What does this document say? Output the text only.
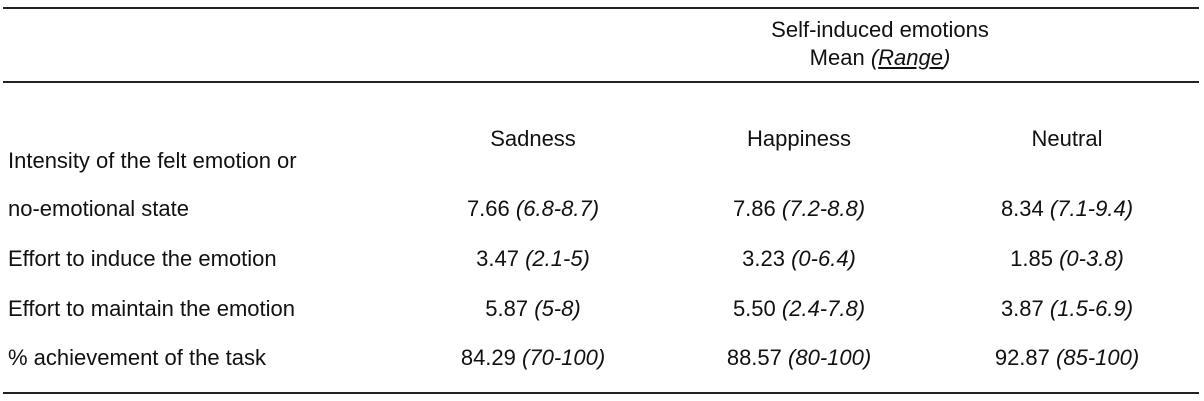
Self-induced emotions
Mean (Range)
Sadness	Happiness	Neutral
Intensity of the felt emotion or
no-emotional state	7.66 (6.8-8.7)	7.86 (7.2-8.8)	8.34 (7.1-9.4)
Effort to induce the emotion	3.47 (2.1-5)	3.23 (0-6.4)	1.85 (0-3.8)
Effort to maintain the emotion	5.87 (5-8)	5.50 (2.4-7.8)	3.87 (1.5-6.9)
% achievement of the task	84.29 (70-100)	88.57 (80-100)	92.87 (85-100)
